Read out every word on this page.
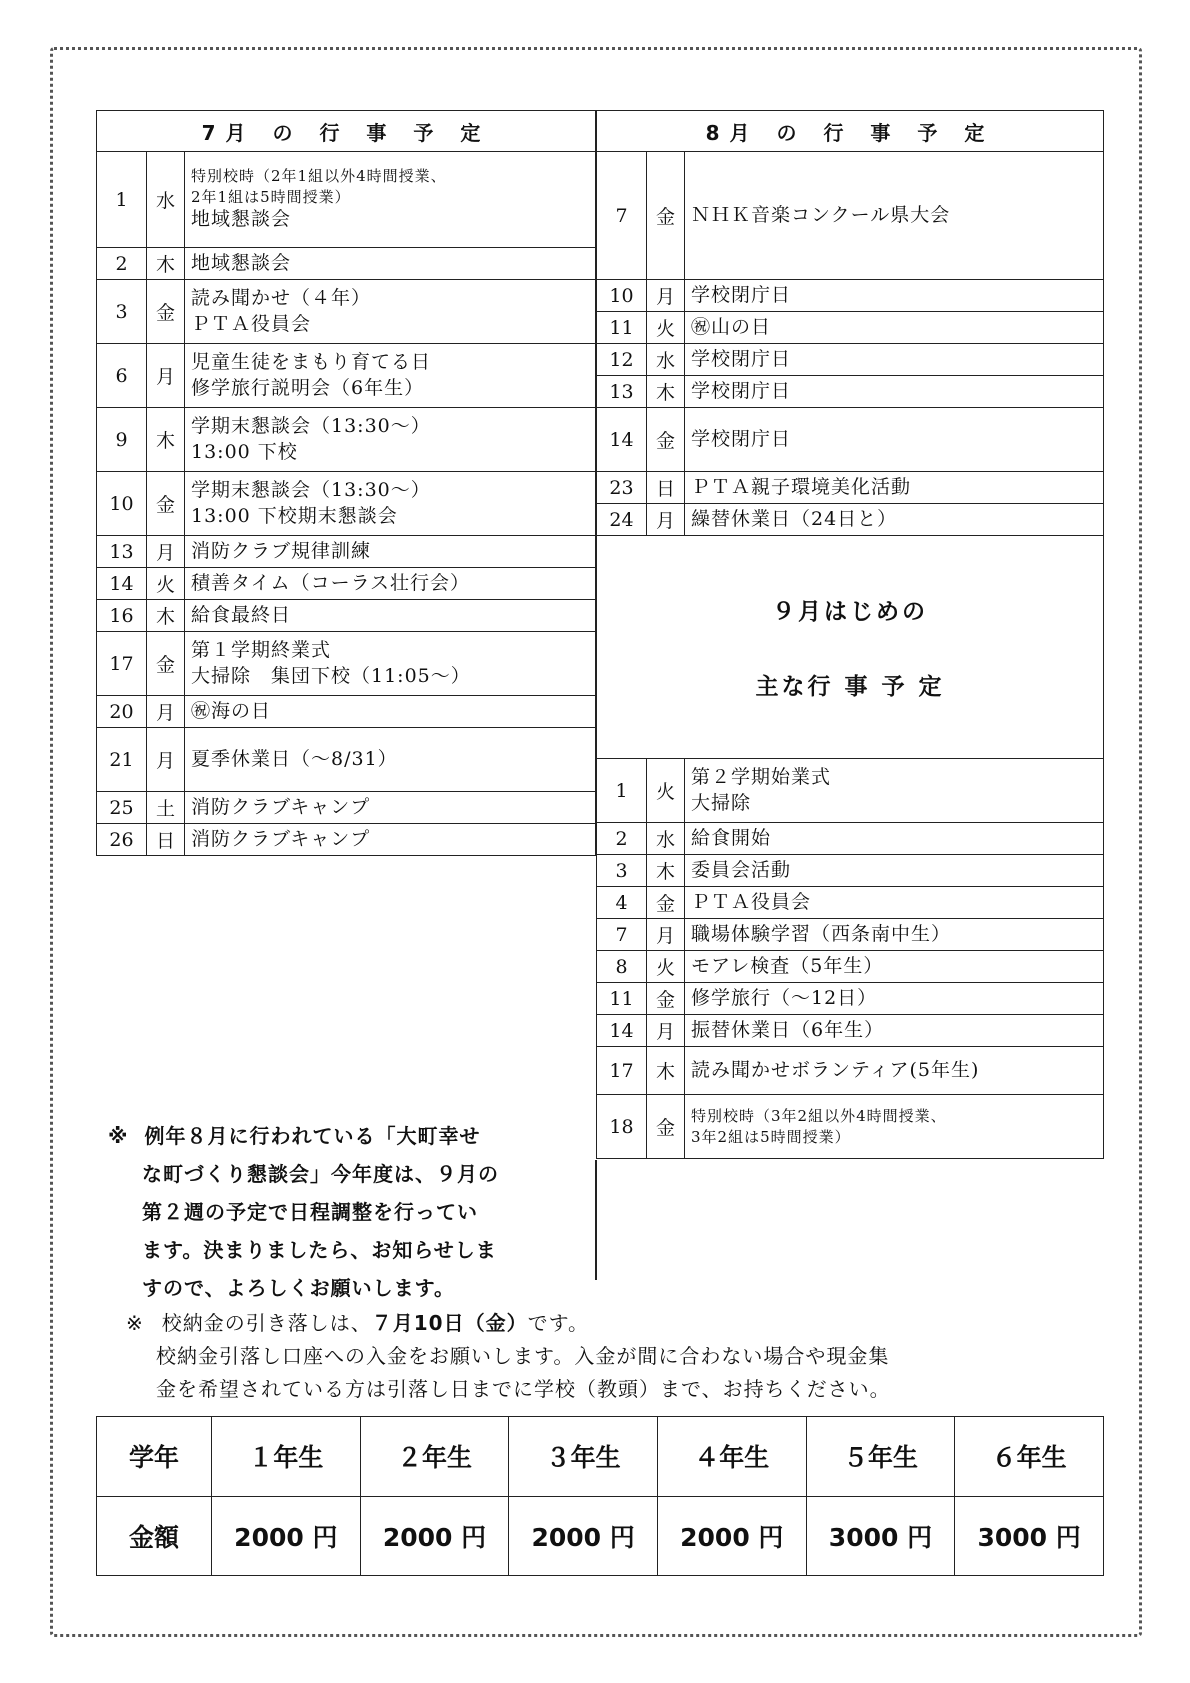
7月 の 行 事 予 定		
1	水	特別校時（2年1組以外4時間授業、
2年1組は5時間授業）
地域懇談会

2	木	地域懇談会

3	金	読み聞かせ（４年）
ＰＴＡ役員会

6	月	児童生徒をまもり育てる日
修学旅行説明会（6年生）

9	木	学期末懇談会（13:30～）
13:00 下校

10	金	学期末懇談会（13:30～）
13:00 下校期末懇談会

13	月	消防クラブ規律訓練

14	火	積善タイム（コーラス壮行会）

16	木	給食最終日

17	金	第１学期終業式
大掃除　集団下校（11:05～）

20	月	㊗海の日

21	月	夏季休業日（～8/31）

25	土	消防クラブキャンプ

26	日	消防クラブキャンプ
8月 の 行 事 予 定		
7	金	ＮＨＫ音楽コンクール県大会

10	月	学校閉庁日

11	火	㊗山の日

12	水	学校閉庁日

13	木	学校閉庁日

14	金	学校閉庁日

23	日	ＰＴＡ親子環境美化活動

24	月	繰替休業日（24日と）

９月はじめの
主な行 事 予 定		

1	火	第２学期始業式
大掃除

2	水	給食開始

3	木	委員会活動

4	金	ＰＴＡ役員会

7	月	職場体験学習（西条南中生）

8	火	モアレ検査（5年生）

11	金	修学旅行（～12日）

14	月	振替休業日（6年生）

17	木	読み聞かせボランティア(5年生)

18	金	特別校時（3年2組以外4時間授業、
3年2組は5時間授業）
※ 例年８月に行われている「大町幸せ
な町づくり懇談会」今年度は、９月の
第２週の予定で日程調整を行ってい
ます。決まりましたら、お知らせしま
すので、よろしくお願いします。
※ 校納金の引き落しは、７月10日（金）です。
校納金引落し口座への入金をお願いします。入金が間に合わない場合や現金集
金を希望されている方は引落し日までに学校（教頭）まで、お持ちください。
学年	１年生	２年生	３年生	４年生	５年生	６年生
金額	2000 円	2000 円	2000 円	2000 円	3000 円	3000 円
